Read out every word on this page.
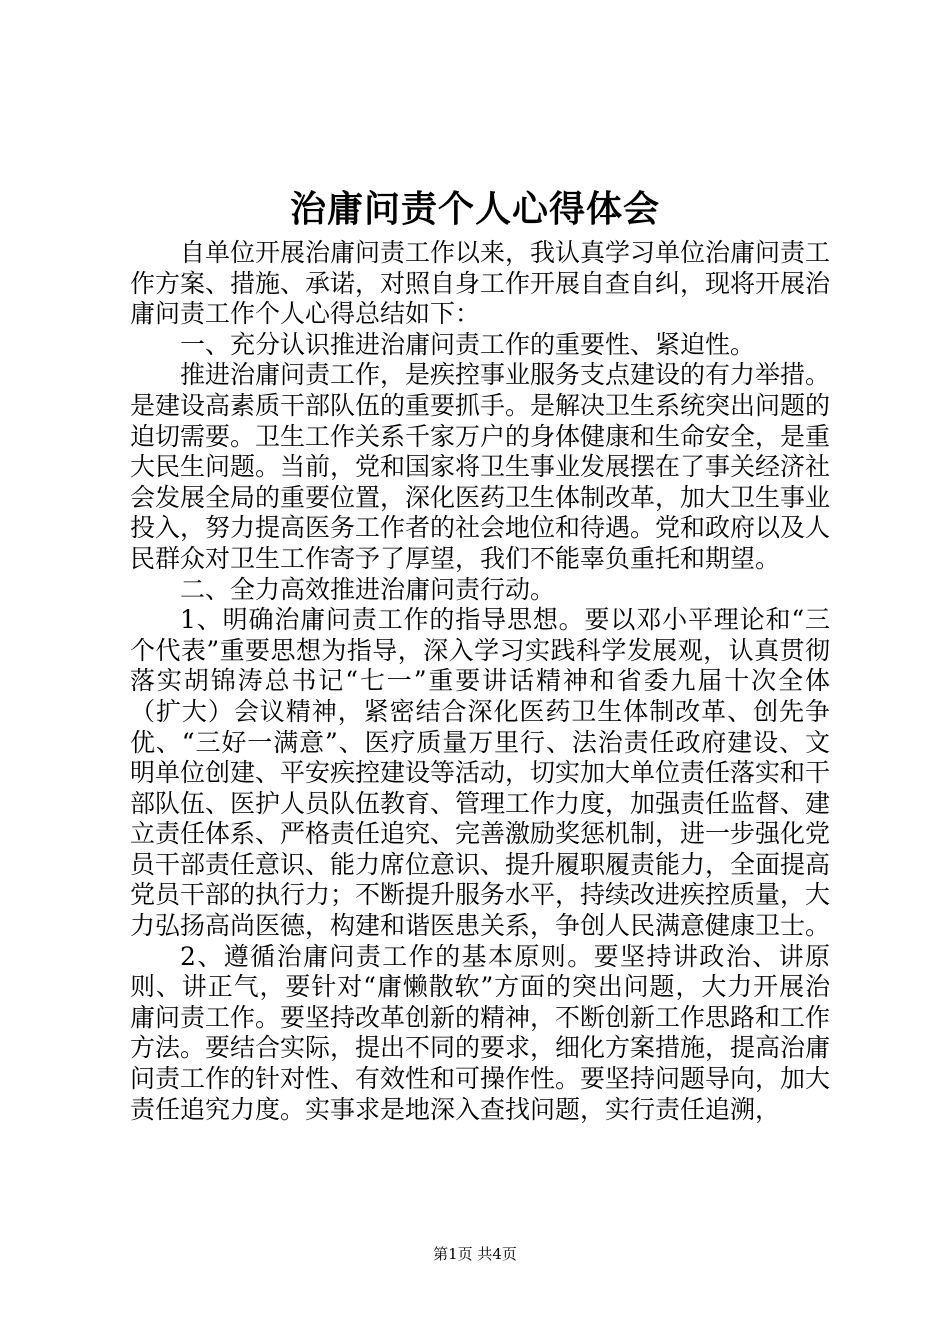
治庸问责个人心得体会

自单位开展治庸问责工作以来，我认真学习单位治庸问责工作方案、措施、承诺，对照自身工作开展自查自纠，现将开展治庸问责工作个人心得总结如下：

一、充分认识推进治庸问责工作的重要性、紧迫性。

推进治庸问责工作，是疾控事业服务支点建设的有力举措。是建设高素质干部队伍的重要抓手。是解决卫生系统突出问题的迫切需要。卫生工作关系千家万户的身体健康和生命安全，是重大民生问题。当前，党和国家将卫生事业发展摆在了事关经济社会发展全局的重要位置，深化医药卫生体制改革，加大卫生事业投入，努力提高医务工作者的社会地位和待遇。党和政府以及人民群众对卫生工作寄予了厚望，我们不能辜负重托和期望。

二、全力高效推进治庸问责行动。

1、明确治庸问责工作的指导思想。要以邓小平理论和“三个代表”重要思想为指导，深入学习实践科学发展观，认真贯彻落实胡锦涛总书记“七一”重要讲话精神和省委九届十次全体（扩大）会议精神，紧密结合深化医药卫生体制改革、创先争优、“三好一满意”、医疗质量万里行、法治责任政府建设、文明单位创建、平安疾控建设等活动，切实加大单位责任落实和干部队伍、医护人员队伍教育、管理工作力度，加强责任监督、建立责任体系、严格责任追究、完善激励奖惩机制，进一步强化党员干部责任意识、能力席位意识、提升履职履责能力，全面提高党员干部的执行力；不断提升服务水平，持续改进疾控质量，大力弘扬高尚医德，构建和谐医患关系，争创人民满意健康卫士。

2、遵循治庸问责工作的基本原则。要坚持讲政治、讲原则、讲正气，要针对“庸懒散软”方面的突出问题，大力开展治庸问责工作。要坚持改革创新的精神，不断创新工作思路和工作方法。要结合实际，提出不同的要求，细化方案措施，提高治庸问责工作的针对性、有效性和可操作性。要坚持问题导向，加大责任追究力度。实事求是地深入查找问题，实行责任追溯，

第1页 共4页
